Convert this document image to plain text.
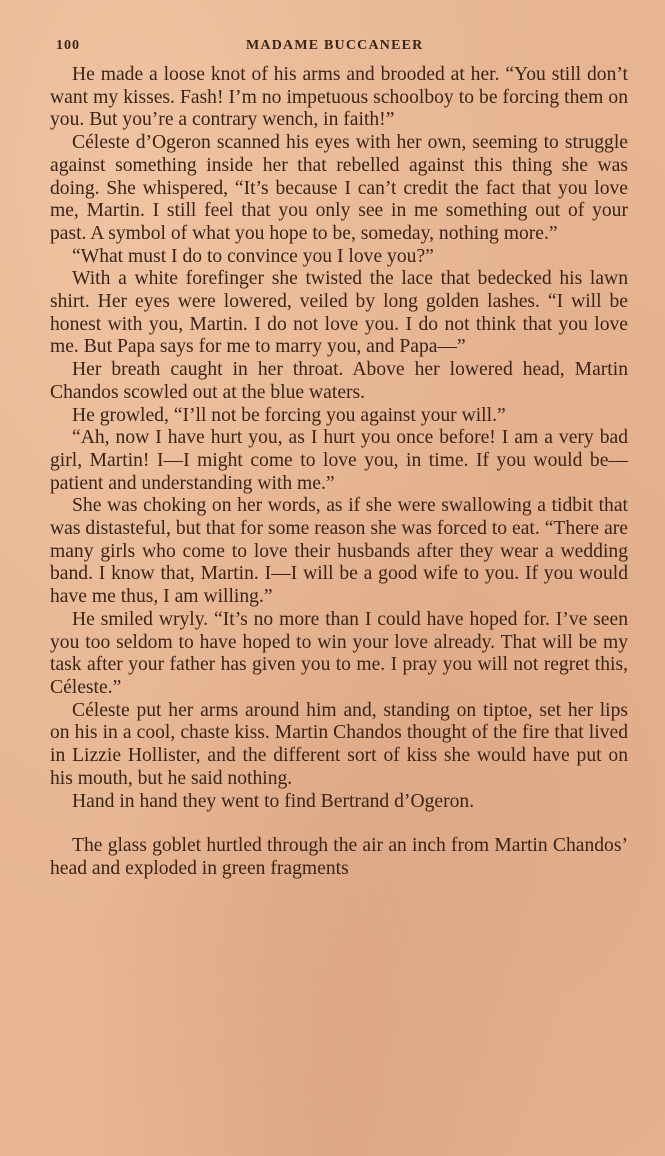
100	MADAME BUCCANEER

He made a loose knot of his arms and brooded at her. “You still don’t want my kisses. Fash! I’m no impetuous schoolboy to be forcing them on you. But you’re a contrary wench, in faith!”

Céleste d’Ogeron scanned his eyes with her own, seeming to struggle against something inside her that rebelled against this thing she was doing. She whispered, “It’s because I can’t credit the fact that you love me, Martin. I still feel that you only see in me something out of your past. A symbol of what you hope to be, someday, nothing more.”

“What must I do to convince you I love you?”

With a white forefinger she twisted the lace that bedecked his lawn shirt. Her eyes were lowered, veiled by long golden lashes. “I will be honest with you, Martin. I do not love you. I do not think that you love me. But Papa says for me to marry you, and Papa—”

Her breath caught in her throat. Above her lowered head, Martin Chandos scowled out at the blue waters.

He growled, “I’ll not be forcing you against your will.”

“Ah, now I have hurt you, as I hurt you once before! I am a very bad girl, Martin! I—I might come to love you, in time. If you would be—patient and understanding with me.”

She was choking on her words, as if she were swallowing a tidbit that was distasteful, but that for some reason she was forced to eat. “There are many girls who come to love their husbands after they wear a wedding band. I know that, Martin. I—I will be a good wife to you. If you would have me thus, I am willing.”

He smiled wryly. “It’s no more than I could have hoped for. I’ve seen you too seldom to have hoped to win your love already. That will be my task after your father has given you to me. I pray you will not regret this, Céleste.”

Céleste put her arms around him and, standing on tiptoe, set her lips on his in a cool, chaste kiss. Martin Chandos thought of the fire that lived in Lizzie Hollister, and the different sort of kiss she would have put on his mouth, but he said nothing.

Hand in hand they went to find Bertrand d’Ogeron.

The glass goblet hurtled through the air an inch from Martin Chandos’ head and exploded in green fragments
